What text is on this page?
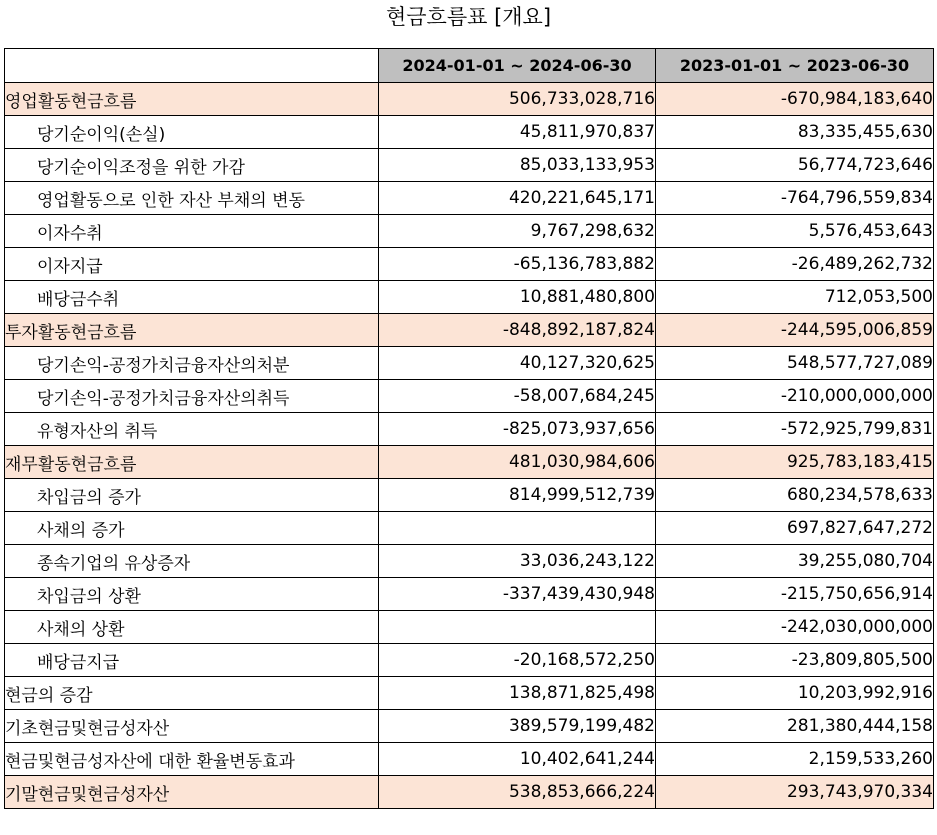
현금흐름표 [개요]
	2024-01-01 ~ 2024-06-30	2023-01-01 ~ 2023-06-30
영업활동현금흐름	506,733,028,716	-670,984,183,640
당기순이익(손실)	45,811,970,837	83,335,455,630
당기순이익조정을 위한 가감	85,033,133,953	56,774,723,646
영업활동으로 인한 자산 부채의 변동	420,221,645,171	-764,796,559,834
이자수취	9,767,298,632	5,576,453,643
이자지급	-65,136,783,882	-26,489,262,732
배당금수취	10,881,480,800	712,053,500
투자활동현금흐름	-848,892,187,824	-244,595,006,859
당기손익-공정가치금융자산의처분	40,127,320,625	548,577,727,089
당기손익-공정가치금융자산의취득	-58,007,684,245	-210,000,000,000
유형자산의 취득	-825,073,937,656	-572,925,799,831
재무활동현금흐름	481,030,984,606	925,783,183,415
차입금의 증가	814,999,512,739	680,234,578,633
사채의 증가		697,827,647,272
종속기업의 유상증자	33,036,243,122	39,255,080,704
차입금의 상환	-337,439,430,948	-215,750,656,914
사채의 상환		-242,030,000,000
배당금지급	-20,168,572,250	-23,809,805,500
현금의 증감	138,871,825,498	10,203,992,916
기초현금및현금성자산	389,579,199,482	281,380,444,158
현금및현금성자산에 대한 환율변동효과	10,402,641,244	2,159,533,260
기말현금및현금성자산	538,853,666,224	293,743,970,334
